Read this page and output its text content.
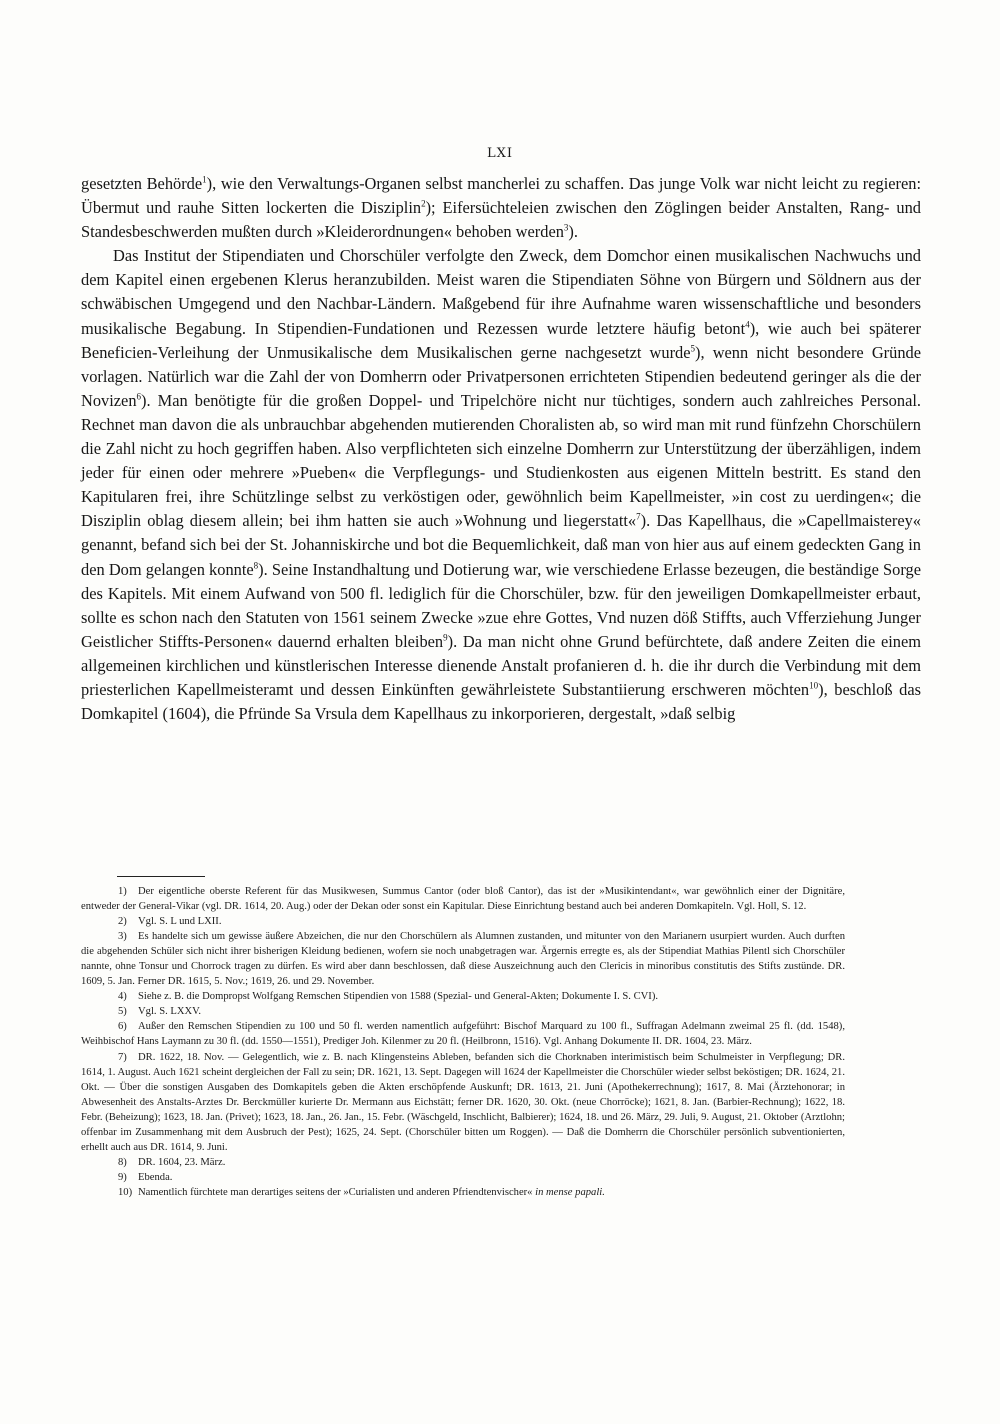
LXI

gesetzten Behörde$^1$), wie den Verwaltungs-Organen selbst mancherlei zu schaffen. Das junge Volk war nicht leicht zu regieren: Übermut und rauhe Sitten lockerten die Disziplin$^2$); Eifersüchteleien zwischen den Zöglingen beider Anstalten, Rang- und Standesbeschwerden mußten durch »Kleiderordnungen« behoben werden$^3$).

Das Institut der Stipendiaten und Chorschüler verfolgte den Zweck, dem Domchor einen musikalischen Nachwuchs und dem Kapitel einen ergebenen Klerus heranzubilden. Meist waren die Stipendiaten Söhne von Bürgern und Söldnern aus der schwäbischen Umgegend und den Nachbar-Ländern. Maßgebend für ihre Aufnahme waren wissenschaftliche und besonders musikalische Begabung. In Stipendien-Fundationen und Rezessen wurde letztere häufig betont$^4$), wie auch bei späterer Beneficien-Verleihung der Unmusikalische dem Musikalischen gerne nachgesetzt wurde$^5$), wenn nicht besondere Gründe vorlagen. Natürlich war die Zahl der von Domherrn oder Privatpersonen errichteten Stipendien bedeutend geringer als die der Novizen$^6$). Man benötigte für die großen Doppel- und Tripelchöre nicht nur tüchtiges, sondern auch zahlreiches Personal. Rechnet man davon die als unbrauchbar abgehenden mutierenden Choralisten ab, so wird man mit rund fünfzehn Chorschülern die Zahl nicht zu hoch gegriffen haben. Also verpflichteten sich einzelne Domherrn zur Unterstützung der überzähligen, indem jeder für einen oder mehrere »Pueben« die Verpflegungs- und Studienkosten aus eigenen Mitteln bestritt. Es stand den Kapitularen frei, ihre Schützlinge selbst zu verköstigen oder, gewöhnlich beim Kapellmeister, »in cost zu uerdingen«; die Disziplin oblag diesem allein; bei ihm hatten sie auch »Wohnung und liegerstatt«$^7$). Das Kapellhaus, die »Capellmaisterey« genannt, befand sich bei der St. Johanniskirche und bot die Bequemlichkeit, daß man von hier aus auf einem gedeckten Gang in den Dom gelangen konnte$^8$). Seine Instandhaltung und Dotierung war, wie verschiedene Erlasse bezeugen, die beständige Sorge des Kapitels. Mit einem Aufwand von 500 fl. lediglich für die Chorschüler, bzw. für den jeweiligen Domkapellmeister erbaut, sollte es schon nach den Statuten von 1561 seinem Zwecke »zue ehre Gottes, Vnd nuzen döß Stiffts, auch Vfferziehung Junger Geistlicher Stiffts-Personen« dauernd erhalten bleiben$^9$). Da man nicht ohne Grund befürchtete, daß andere Zeiten die einem allgemeinen kirchlichen und künstlerischen Interesse dienende Anstalt profanieren d. h. die ihr durch die Verbindung mit dem priesterlichen Kapellmeisteramt und dessen Einkünften gewährleistete Substantiierung erschweren möchten$^{10}$), beschloß das Domkapitel (1604), die Pfründe Sa Vrsula dem Kapellhaus zu inkorporieren, dergestalt, »daß selbig

1) Der eigentliche oberste Referent für das Musikwesen, Summus Cantor (oder bloß Cantor), das ist der »Musikintendant«, war gewöhnlich einer der Dignitäre, entweder der General-Vikar (vgl. DR. 1614, 20. Aug.) oder der Dekan oder sonst ein Kapitular. Diese Einrichtung bestand auch bei anderen Domkapiteln. Vgl. Holl, S. 12.

2) Vgl. S. L und LXII.

3) Es handelte sich um gewisse äußere Abzeichen, die nur den Chorschülern als Alumnen zustanden, und mitunter von den Marianern usurpiert wurden. Auch durften die abgehenden Schüler sich nicht ihrer bisherigen Kleidung bedienen, wofern sie noch unabgetragen war. Ärgernis erregte es, als der Stipendiat Mathias Pilentl sich Chorschüler nannte, ohne Tonsur und Chorrock tragen zu dürfen. Es wird aber dann beschlossen, daß diese Auszeichnung auch den Clericis in minoribus constitutis des Stifts zustünde. DR. 1609, 5. Jan. Ferner DR. 1615, 5. Nov.; 1619, 26. und 29. November.

4) Siehe z. B. die Dompropst Wolfgang Remschen Stipendien von 1588 (Spezial- und General-Akten; Dokumente I. S. CVI).

5) Vgl. S. LXXV.

6) Außer den Remschen Stipendien zu 100 und 50 fl. werden namentlich aufgeführt: Bischof Marquard zu 100 fl., Suffragan Adelmann zweimal 25 fl. (dd. 1548), Weihbischof Hans Laymann zu 30 fl. (dd. 1550—1551), Prediger Joh. Kilenmer zu 20 fl. (Heilbronn, 1516). Vgl. Anhang Dokumente II. DR. 1604, 23. März.

7) DR. 1622, 18. Nov. — Gelegentlich, wie z. B. nach Klingensteins Ableben, befanden sich die Chorknaben interimistisch beim Schulmeister in Verpflegung; DR. 1614, 1. August. Auch 1621 scheint dergleichen der Fall zu sein; DR. 1621, 13. Sept. Dagegen will 1624 der Kapellmeister die Chorschüler wieder selbst beköstigen; DR. 1624, 21. Okt. — Über die sonstigen Ausgaben des Domkapitels geben die Akten erschöpfende Auskunft; DR. 1613, 21. Juni (Apothekerrechnung); 1617, 8. Mai (Ärztehonorar; in Abwesenheit des Anstalts-Arztes Dr. Berckmüller kurierte Dr. Mermann aus Eichstätt; ferner DR. 1620, 30. Okt. (neue Chorröcke); 1621, 8. Jan. (Barbier-Rechnung); 1622, 18. Febr. (Beheizung); 1623, 18. Jan. (Privet); 1623, 18. Jan., 26. Jan., 15. Febr. (Wäschgeld, Inschlicht, Balbierer); 1624, 18. und 26. März, 29. Juli, 9. August, 21. Oktober (Arztlohn; offenbar im Zusammenhang mit dem Ausbruch der Pest); 1625, 24. Sept. (Chorschüler bitten um Roggen). — Daß die Domherrn die Chorschüler persönlich subventionierten, erhellt auch aus DR. 1614, 9. Juni.

8) DR. 1604, 23. März.

9) Ebenda.

10) Namentlich fürchtete man derartiges seitens der »Curialisten und anderen Pfriendtenvischer« in mense papali.
